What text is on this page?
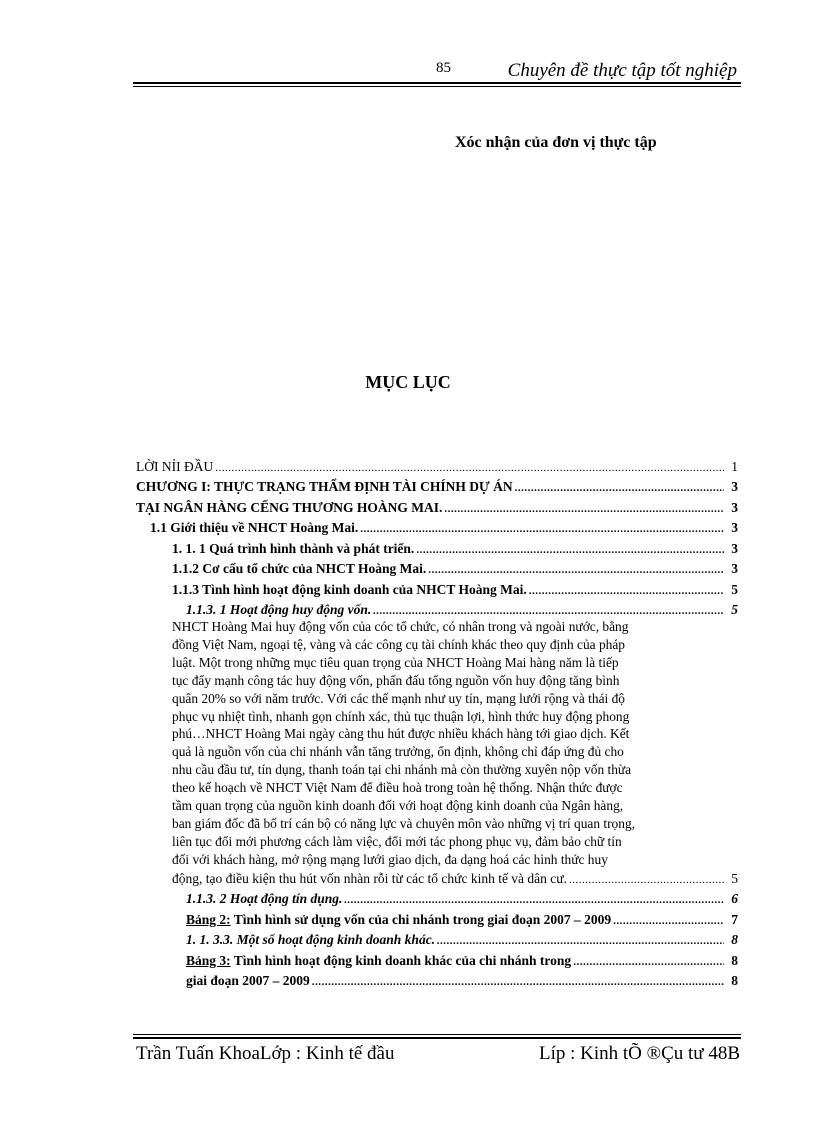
85	Chuyên đề thực tập tốt nghiệp
Xóc nhận của đơn vị thực tập
MỤC LỤC
LỜI NỈI ĐẦU .....	1
CHƯƠNG I: THỰC TRẠNG THẨM ĐỊNH TÀI CHÍNH DỰ ÁN .....	3
TẠI NGÂN HÀNG CẾNG THƯƠNG HOÀNG MAI. .....	3
1.1 Giới thiệu về NHCT Hoàng Mai. .....	3
1. 1. 1 Quá trình hình thành và phát triển. .....	3
1.1.2 Cơ cấu tổ chức của NHCT Hoàng Mai. .....	3
1.1.3 Tình hình hoạt động kinh doanh của NHCT Hoàng Mai. .....	5
1.1.3. 1 Hoạt động huy động vốn. .....	5
NHCT Hoàng Mai huy động vốn của cóc tổ chức, có nhân trong và ngoài nước, bằng
đồng Việt Nam, ngoại tệ, vàng và các công cụ tài chính khác theo quy định của pháp
luật. Một trong những mục tiêu quan trọng của NHCT Hoàng Mai hàng năm là tiếp
tục đẩy mạnh công tác huy động vốn, phấn đấu tổng nguồn vốn huy động tăng bình
quân 20% so với năm trước. Với các thế mạnh như uy tín, mạng lưới rộng và thái độ
phục vụ nhiệt tình, nhanh gọn chính xác, thủ tục thuận lợi, hình thức huy động phong
phú…NHCT Hoàng Mai ngày càng thu hút được nhiều khách hàng tới giao dịch. Kết
quả là nguồn vốn của chi nhánh vẫn tăng trưởng, ổn định, không chỉ đáp ứng đủ cho
nhu cầu đầu tư, tín dụng, thanh toán tại chi nhánh mà còn thường xuyên nộp vốn thừa
theo kế hoạch về NHCT Việt Nam để điều hoà trong toàn hệ thống. Nhận thức được
tầm quan trọng của nguồn kinh doanh đối với hoạt động kinh doanh của Ngân hàng,
ban giám đốc đã bố trí cán bộ có năng lực và chuyên môn vào những vị trí quan trọng,
liên tục đổi mới phương cách làm việc, đổi mới tác phong phục vụ, đảm bảo chữ tín
đối với khách hàng, mở rộng mạng lưới giao dịch, đa dạng hoá các hình thức huy
động, tạo điều kiện thu hút vốn nhàn rỗi từ các tổ chức kinh tế và dân cư. .....	5
1.1.3. 2 Hoạt động tín dụng. .....	6
Bảng 2: Tình hình sử dụng vốn của chi nhánh trong giai đoạn 2007 – 2009 .....	7
1. 1. 3.3. Một số hoạt động kinh doanh khác. .....	8
Bảng 3: Tình hình hoạt động kinh doanh khác của chi nhánh trong .....	8
giai đoạn 2007 – 2009 .....	8
Trần Tuấn KhoaLớp : Kinh tế đầu	Líp : Kinh tÕ ®Çu tư 48B
